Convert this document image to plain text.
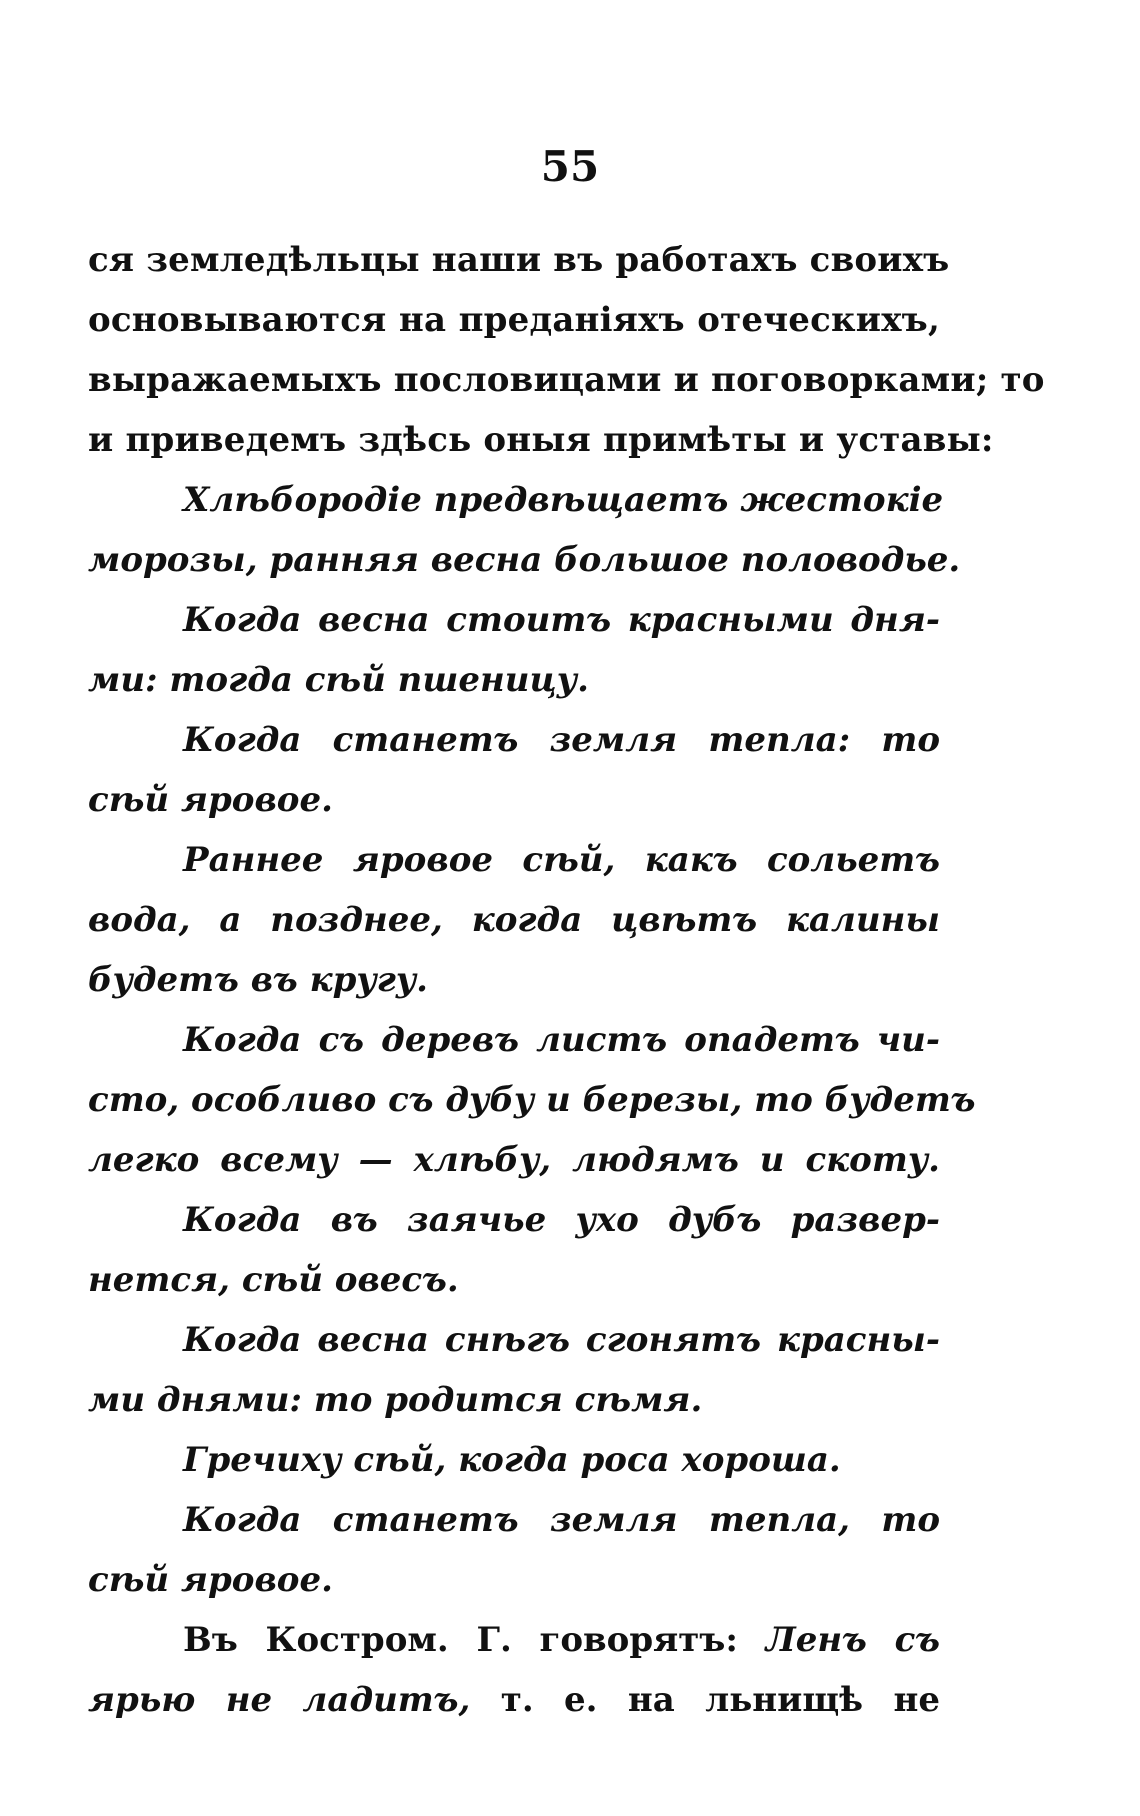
55
ся земледѣльцы наши въ работахъ своихъ
основываются на преданiяхъ отеческихъ,
выражаемыхъ пословицами и поговорками; то
и приведемъ здѣсь оныя примѣты и уставы:
Хлѣбородiе предвѣщаетъ жестокiе
морозы, ранняя весна большое половодье.
Когда весна стоитъ красными дня-
ми: тогда сѣй пшеницу.
Когда станетъ земля тепла: то
сѣй яровое.
Раннее яровое сѣй, какъ сольетъ
вода, а позднее, когда цвѣтъ калины
будетъ въ кругу.
Когда съ деревъ листъ опадетъ чи-
сто, особливо съ дубу и березы, то будетъ
легко всему — хлѣбу, людямъ и скоту.
Когда въ заячье ухо дубъ развер-
нется, сѣй овесъ.
Когда весна снѣгъ сгонятъ красны-
ми днями: то родится сѣмя.
Гречиху сѣй, когда роса хороша.
Когда станетъ земля тепла, то
сѣй яровое.
Въ Костром. Г. говорятъ: Ленъ съ
ярью не ладитъ, т. е. на льнищѣ не
